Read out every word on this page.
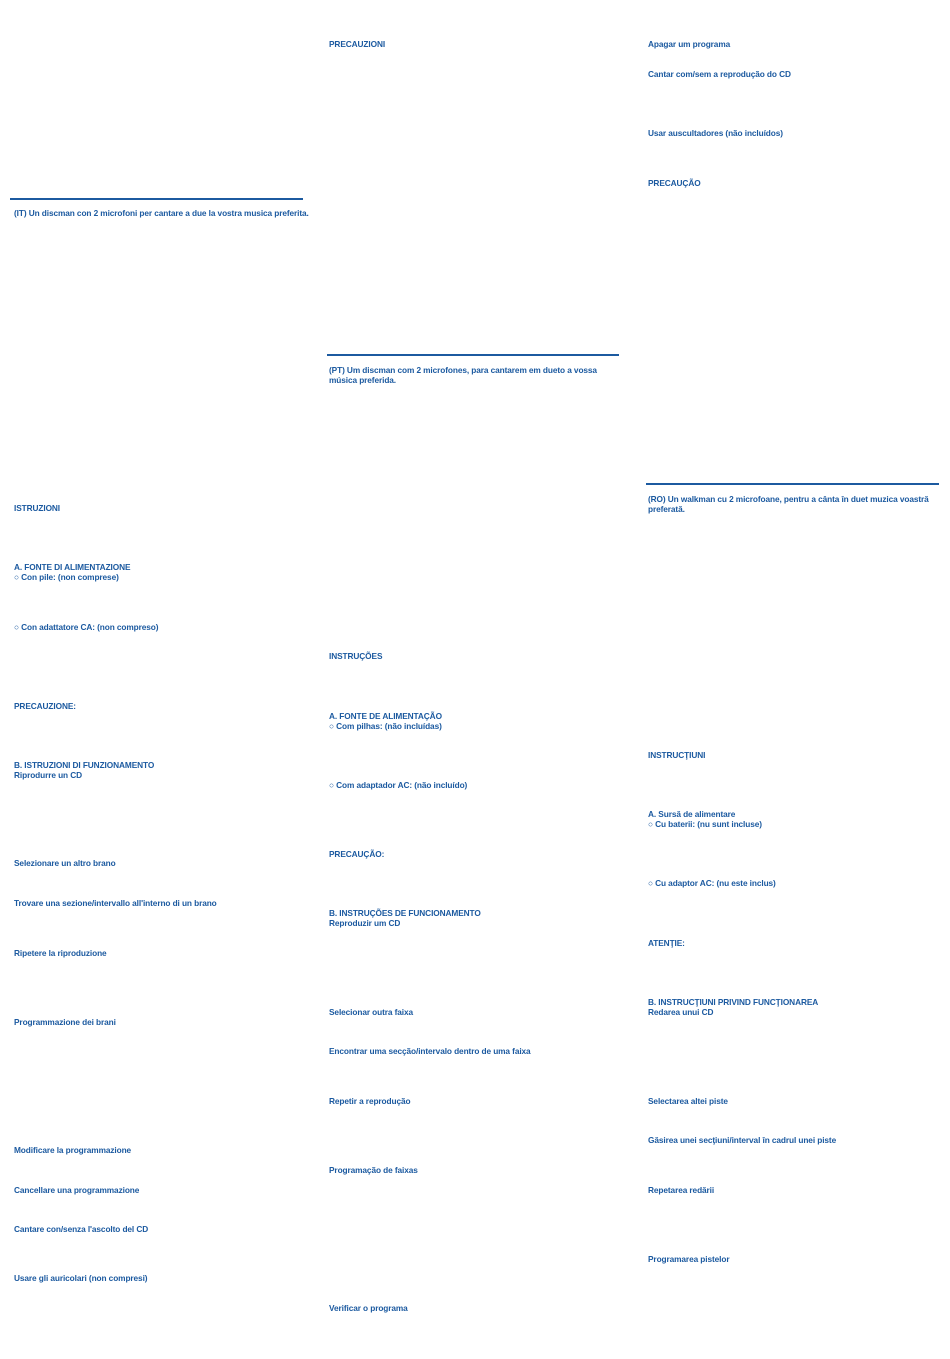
(IT) Un discman con 2 microfoni per cantare a due la vostra musica preferita.
ISTRUZIONI
A. FONTE DI ALIMENTAZIONE
○ Con pile: (non comprese)
○ Con adattatore CA: (non compreso)
PRECAUZIONE:
B. ISTRUZIONI DI FUNZIONAMENTO
Riprodurre un CD
Selezionare un altro brano
Trovare una sezione/intervallo all'interno di un brano
Ripetere la riproduzione
Programmazione dei brani
Modificare la programmazione
Cancellare una programmazione
Cantare con/senza l'ascolto del CD
Usare gli auricolari (non compresi)
PRECAUZIONI
(PT) Um discman com 2 microfones, para cantarem em dueto a vossa música preferida.
INSTRUÇÕES
A. FONTE DE ALIMENTAÇÃO
○ Com pilhas: (não incluídas)
○ Com adaptador AC: (não incluído)
PRECAUÇÃO:
B. INSTRUÇÕES DE FUNCIONAMENTO
Reproduzir um CD
Selecionar outra faixa
Encontrar uma secção/intervalo dentro de uma faixa
Repetir a reprodução
Programação de faixas
Verificar o programa
Apagar um programa
Cantar com/sem a reprodução do CD
Usar auscultadores (não incluídos)
PRECAUÇÃO
(RO) Un walkman cu 2 microfoane, pentru a cânta în duet muzica voastră preferată.
INSTRUCŢIUNI
A. Sursă de alimentare
○ Cu baterii: (nu sunt incluse)
○ Cu adaptor AC: (nu este inclus)
ATENŢIE:
B. INSTRUCŢIUNI PRIVIND FUNCŢIONAREA
Redarea unui CD
Selectarea altei piste
Găsirea unei secţiuni/interval în cadrul unei piste
Repetarea redării
Programarea pistelor
